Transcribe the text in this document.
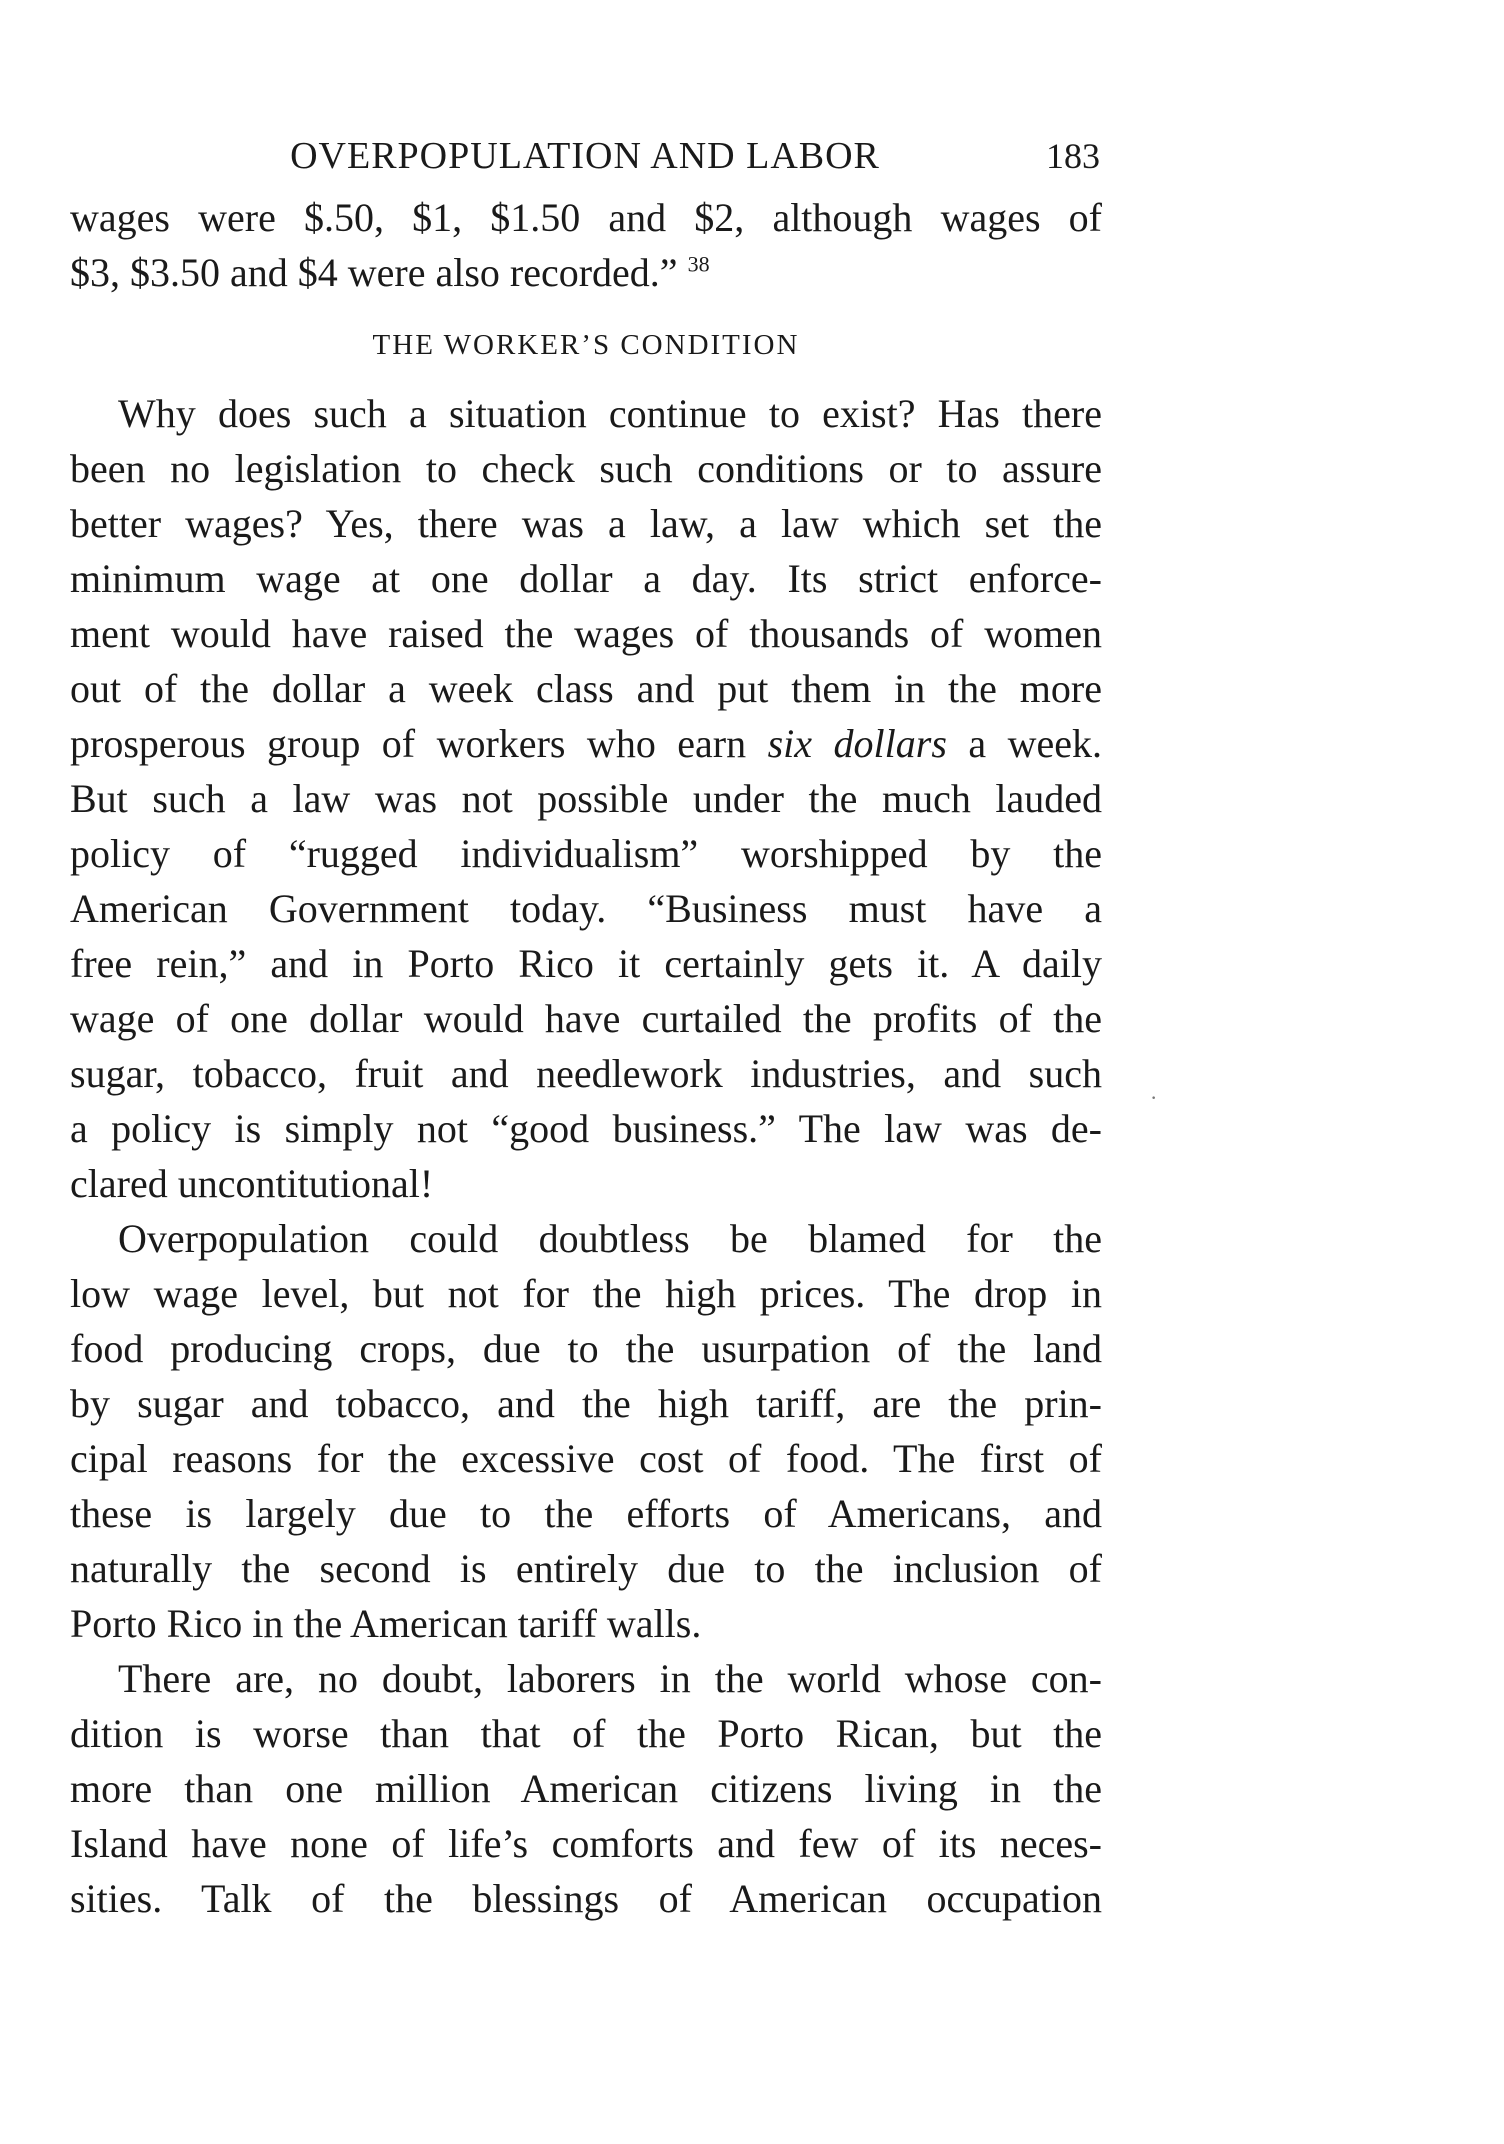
OVERPOPULATION AND LABOR	183
wages were $.50, $1, $1.50 and $2, although wages of
$3, $3.50 and $4 were also recorded.” $^{38}$
THE WORKER’S CONDITION
Why does such a situation continue to exist? Has there
been no legislation to check such conditions or to assure
better wages? Yes, there was a law, a law which set the
minimum wage at one dollar a day. Its strict enforce-
ment would have raised the wages of thousands of women
out of the dollar a week class and put them in the more
prosperous group of workers who earn six dollars a week.
But such a law was not possible under the much lauded
policy of “rugged individualism” worshipped by the
American Government today. “Business must have a
free rein,” and in Porto Rico it certainly gets it. A daily
wage of one dollar would have curtailed the profits of the
sugar, tobacco, fruit and needlework industries, and such
a policy is simply not “good business.” The law was de-
clared uncontitutional!
Overpopulation could doubtless be blamed for the
low wage level, but not for the high prices. The drop in
food producing crops, due to the usurpation of the land
by sugar and tobacco, and the high tariff, are the prin-
cipal reasons for the excessive cost of food. The first of
these is largely due to the efforts of Americans, and
naturally the second is entirely due to the inclusion of
Porto Rico in the American tariff walls.
There are, no doubt, laborers in the world whose con-
dition is worse than that of the Porto Rican, but the
more than one million American citizens living in the
Island have none of life’s comforts and few of its neces-
sities. Talk of the blessings of American occupation
·
